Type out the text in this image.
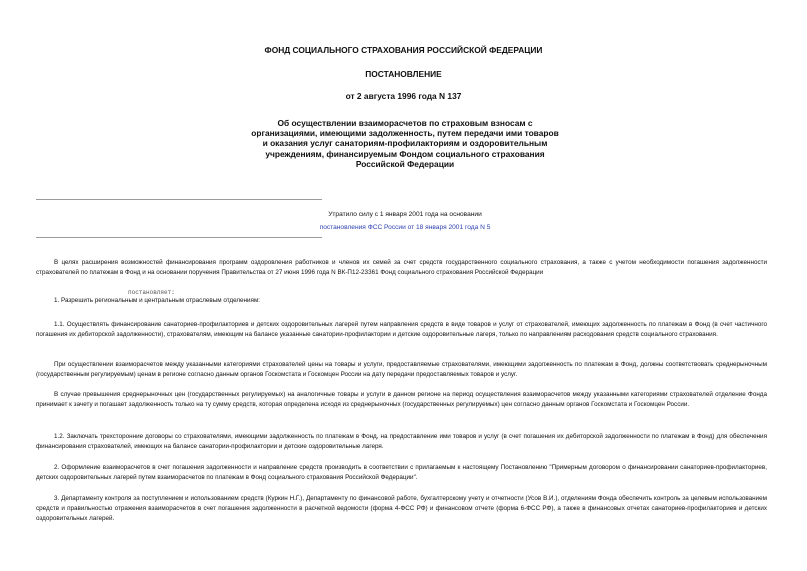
ФОНД СОЦИАЛЬНОГО СТРАХОВАНИЯ РОССИЙСКОЙ ФЕДЕРАЦИИ
ПОСТАНОВЛЕНИЕ
от 2 августа 1996 года N 137
Об осуществлении взаиморасчетов по страховым взносам с организациями, имеющими задолженность, путем передачи ими товаров и оказания услуг санаториям-профилакториям и оздоровительным учреждениям, финансируемым Фондом социального страхования Российской Федерации
Утратило силу с 1 января 2001 года на основании
постановления ФСС России от 18 января 2001 года N 5

В целях расширения возможностей финансирования программ оздоровления работников и членов их семей за счет средств государственного социального страхования, а также с учетом необходимости погашения задолженности страхователей по платежам в Фонд и на основании поручения Правительства от 27 июня 1996 года N ВК-П12-23361 Фонд социального страхования Российской Федерации

постановляет:

1. Разрешить региональным и центральным отраслевым отделениям:

1.1. Осуществлять финансирование санаториев-профилакториев и детских оздоровительных лагерей путем направления средств в виде товаров и услуг от страхователей, имеющих задолженность по платежам в Фонд (в счет частичного погашения их дебиторской задолженности), страхователям, имеющим на балансе указанные санатории-профилактории и детские оздоровительные лагеря, только по направлениям расходования средств социального страхования.

При осуществлении взаиморасчетов между указанными категориями страхователей цены на товары и услуги, предоставляемые страхователями, имеющими задолженность по платежам в Фонд, должны соответствовать среднерыночным (государственным регулируемым) ценам в регионе согласно данным органов Госкомстата и Госкомцен России на дату передачи предоставляемых товаров и услуг.

В случае превышения среднерыночных цен (государственных регулируемых) на аналогичные товары и услуги в данном регионе на период осуществления взаиморасчетов между указанными категориями страхователей отделение Фонда принимает к зачету и погашает задолженность только на ту сумму средств, которая определена исходя из среднерыночных (государственных регулируемых) цен согласно данным органов Госкомстата и Госкомцен России.

1.2. Заключать трехсторонние договоры со страхователями, имеющими задолженность по платежам в Фонд, на предоставление ими товаров и услуг (в счет погашения их дебиторской задолженности по платежам в Фонд) для обеспечения финансирования страхователей, имеющих на балансе санатории-профилактории и детские оздоровительные лагеря.

2. Оформление взаиморасчетов в счет погашения задолженности и направление средств производить в соответствии с прилагаемым к настоящему Постановлению "Примерным договором о финансировании санаториев-профилакториев, детских оздоровительных лагерей путем взаиморасчетов по платежам в Фонд социального страхования Российской Федерации".

3. Департаменту контроля за поступлением и использованием средств (Куркин Н.Г.), Департаменту по финансовой работе, бухгалтерскому учету и отчетности (Усов В.И.), отделениям Фонда обеспечить контроль за целевым использованием средств и правильностью отражения взаиморасчетов в счет погашения задолженности в расчетной ведомости (форма 4-ФСС РФ) и финансовом отчете (форма 6-ФСС РФ), а также в финансовых отчетах санаториев-профилакториев и детских оздоровительных лагерей.
